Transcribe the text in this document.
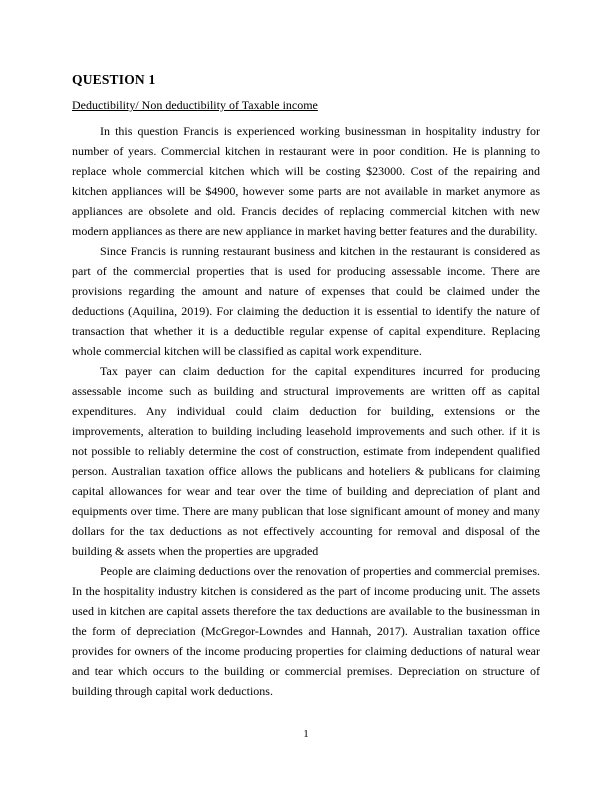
QUESTION 1
Deductibility/ Non deductibility of Taxable income

In this question Francis is experienced working businessman in hospitality industry for number of years. Commercial kitchen in restaurant were in poor condition. He is planning to replace whole commercial kitchen which will be costing $23000. Cost of the repairing and kitchen appliances will be $4900, however some parts are not available in market anymore as appliances are obsolete and old. Francis decides of replacing commercial kitchen with new modern appliances as there are new appliance in market having better features and the durability.

Since Francis is running restaurant business and kitchen in the restaurant is considered as part of the commercial properties that is used for producing assessable income. There are provisions regarding the amount and nature of expenses that could be claimed under the deductions (Aquilina, 2019). For claiming the deduction it is essential to identify the nature of transaction that whether it is a deductible regular expense of capital expenditure. Replacing whole commercial kitchen will be classified as capital work expenditure.

Tax payer can claim deduction for the capital expenditures incurred for producing assessable income such as building and structural improvements are written off as capital expenditures. Any individual could claim deduction for building, extensions or the improvements, alteration to building including leasehold improvements and such other. if it is not possible to reliably determine the cost of construction, estimate from independent qualified person. Australian taxation office allows the publicans and hoteliers & publicans for claiming capital allowances for wear and tear over the time of building and depreciation of plant and equipments over time. There are many publican that lose significant amount of money and many dollars for the tax deductions as not effectively accounting for removal and disposal of the building & assets when the properties are upgraded

People are claiming deductions over the renovation of properties and commercial premises. In the hospitality industry kitchen is considered as the part of income producing unit. The assets used in kitchen are capital assets therefore the tax deductions are available to the businessman in the form of depreciation (McGregor-Lowndes and Hannah, 2017). Australian taxation office provides for owners of the income producing properties for claiming deductions of natural wear and tear which occurs to the building or commercial premises. Depreciation on structure of building through capital work deductions.

1
